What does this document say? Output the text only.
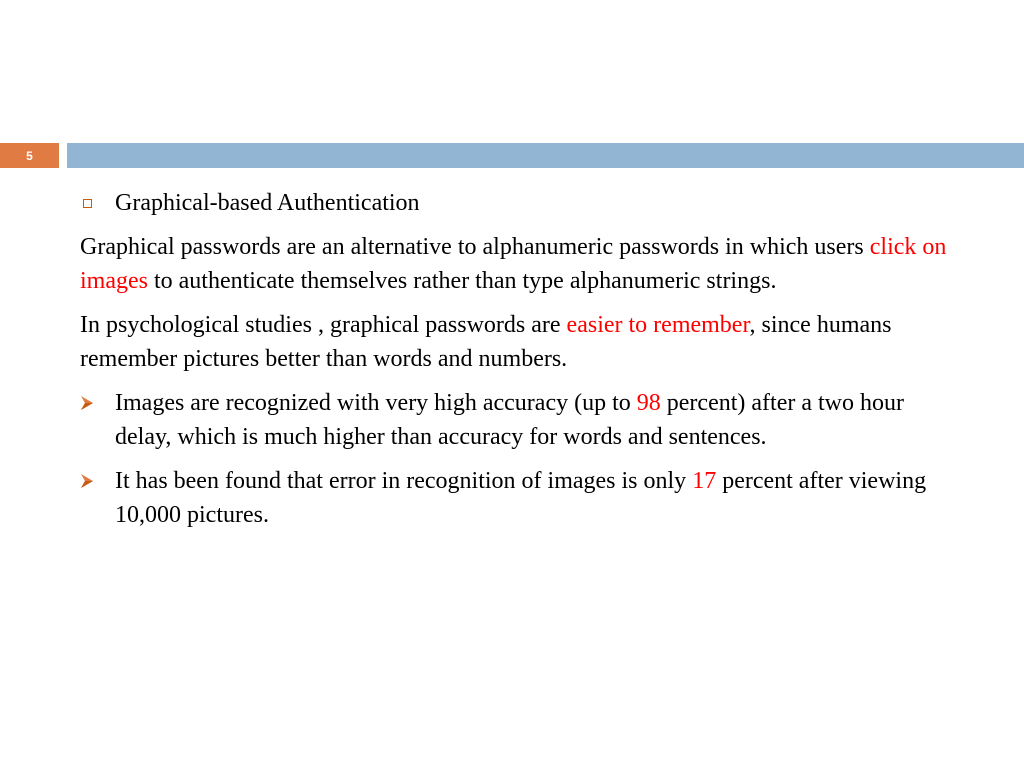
5
Graphical-based Authentication

Graphical passwords are an alternative to alphanumeric passwords in which users click on images to authenticate themselves rather than type alphanumeric strings.

In psychological studies , graphical passwords are easier to remember, since humans remember pictures better than words and numbers.

Images are recognized with very high accuracy (up to 98 percent) after a two hour delay, which is much higher than accuracy for words and sentences.
It has been found that error in recognition of images is only 17 percent after viewing 10,000 pictures.
